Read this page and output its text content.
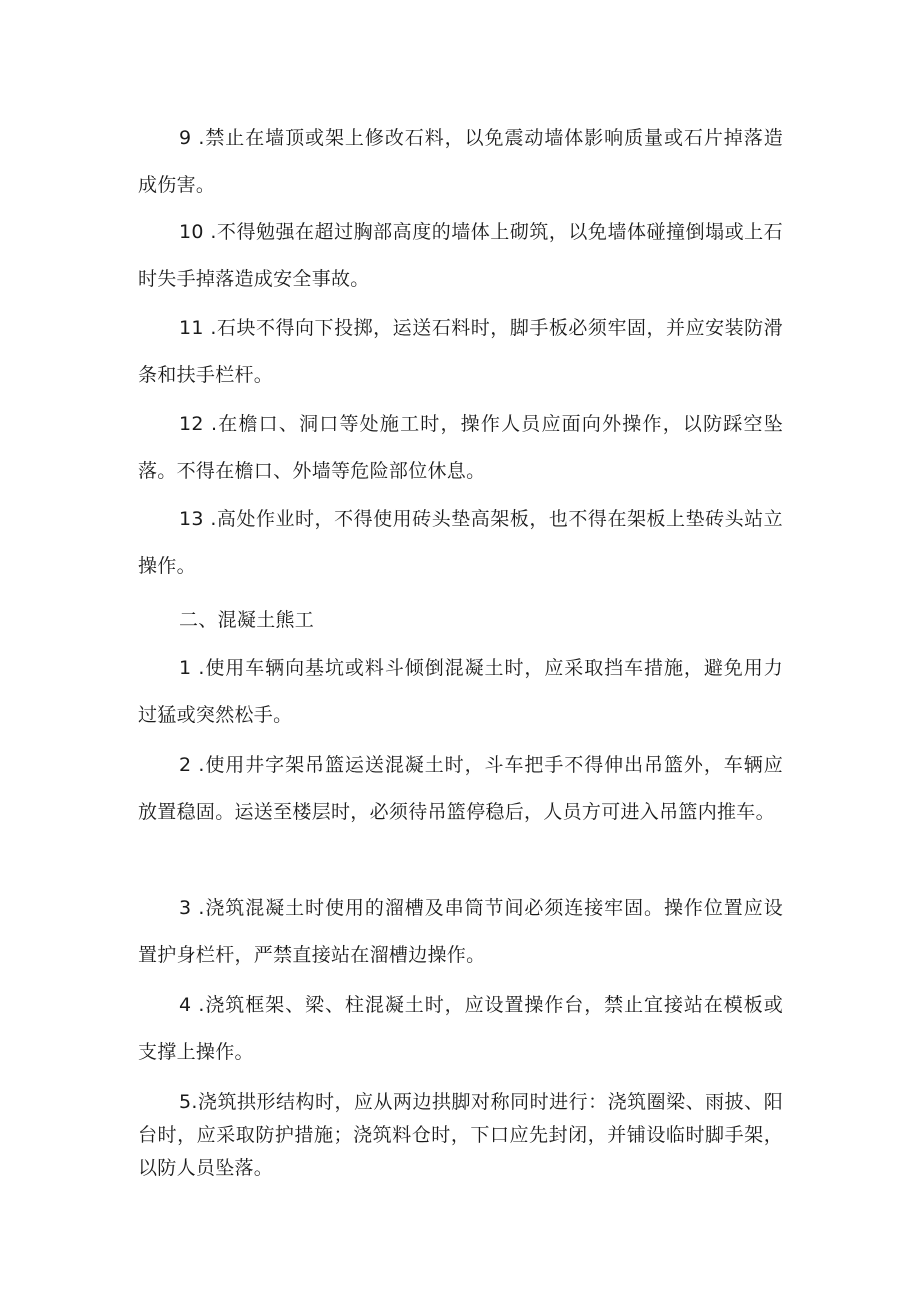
9 .禁止在墙顶或架上修改石料，以免震动墙体影响质量或石片掉落造成伤害。

10 .不得勉强在超过胸部高度的墙体上砌筑，以免墙体碰撞倒塌或上石时失手掉落造成安全事故。

11 .石块不得向下投掷，运送石料时，脚手板必须牢固，并应安装防滑条和扶手栏杆。

12 .在檐口、洞口等处施工时，操作人员应面向外操作，以防踩空坠落。不得在檐口、外墙等危险部位休息。

13 .高处作业时，不得使用砖头垫高架板，也不得在架板上垫砖头站立操作。

二、混凝土熊工

1 .使用车辆向基坑或料斗倾倒混凝土时，应采取挡车措施，避免用力过猛或突然松手。

2 .使用井字架吊篮运送混凝土时，斗车把手不得伸出吊篮外，车辆应放置稳固。运送至楼层时，必须待吊篮停稳后，人员方可进入吊篮内推车。

3 .浇筑混凝土时使用的溜槽及串筒节间必须连接牢固。操作位置应设置护身栏杆，严禁直接站在溜槽边操作。

4 .浇筑框架、梁、柱混凝土时，应设置操作台，禁止宜接站在模板或支撑上操作。

5.浇筑拱形结构时，应从两边拱脚对称同时进行：浇筑圈梁、雨披、阳台时，应采取防护措施；浇筑料仓时，下口应先封闭，并铺设临时脚手架，以防人员坠落。
